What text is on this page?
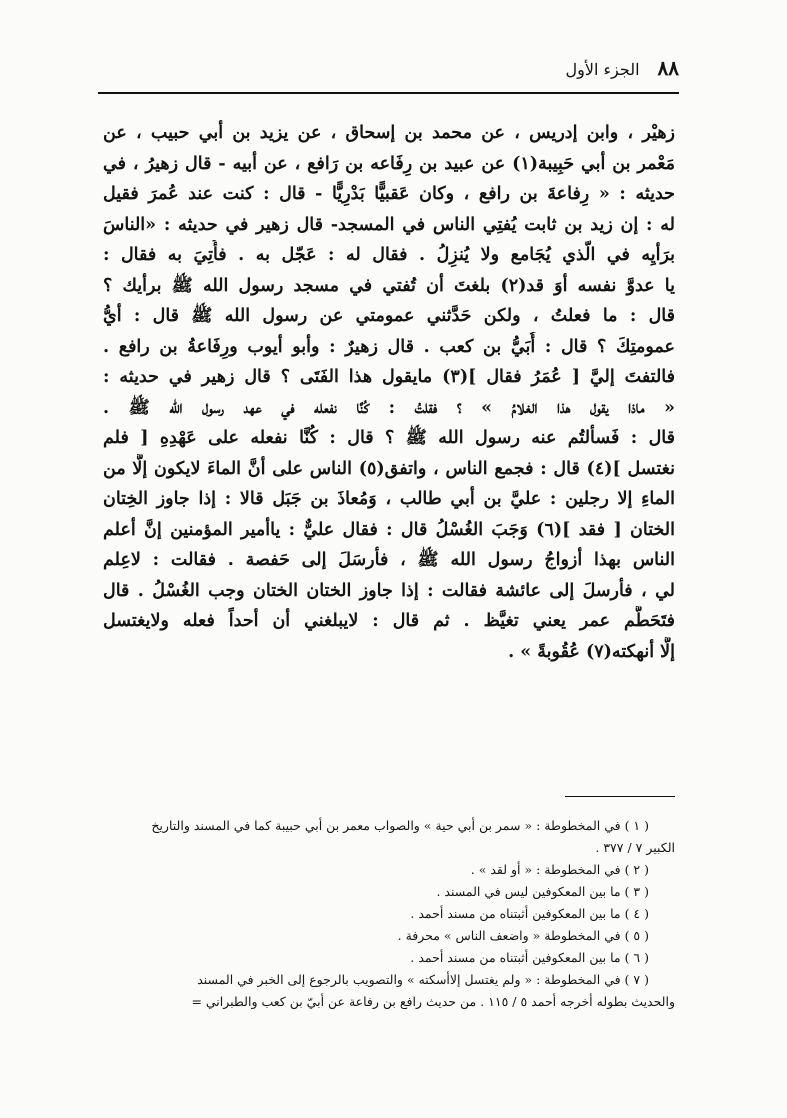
٨٨
الجزء الأول
زهيْر ، وابن إدريس ، عن محمد بن إسحاق ، عن يزيد بن أبي حبيب ، عن
مَعْمر بن أبي حَبِيبة(١) عن عبيد بن رِفَاعه بن رَافع ، عن أبيه - قال زهيرُ ، في
حديثه : « رِفاعةَ بن رافع ، وكان عَقبيًّا بَدْرِيًّا - قال : كنت عند عُمرَ فقيل
له : إن زيد بن ثابت يُفتِي الناس في المسجد- قال زهير في حديثه : «الناسَ
برَأيِه في الّذي يُجَامع ولا يُنزِلُ . فقال له : عَجّل به . فأُتِيَ به فقال :
يا عدوَّ نفسه أوَ قد(٢) بلغتَ أن تُفتي في مسجد رسول الله ﷺ برأيك ؟
قال : ما فعلتُ ، ولكن حَدَّثني عمومتي عن رسول الله ﷺ قال : أيُّ
عمومتِكَ ؟ قال : أُبَيُّ بن كعب . قال زهيرٌ : وأبو أيوب ورِفَاعةُ بن رافع .
فالتفتَ إليَّ [ عُمَرُ فقال ](٣) مايقول هذا الفَتَى ؟ قال زهير في حديثه :
« ماذا يقول هذا الغلامُ » ؟ فقلتُ : كُنَّا نفعله في عهد رسول الله ﷺ .
قال : فَسألتُم عنه رسول الله ﷺ ؟ قال : كُنَّا نفعله على عَهْدِهِ [ فلم
نغتسل ](٤) قال : فجمع الناس ، واتفق(٥) الناس على أنَّ الماءَ لايكون إلَّا من
الماءِ إلا رجلين : عليَّ بن أبي طالب ، وَمُعاذَ بن جَبَل قالا : إذا جاوز الخِتان
الختان [ فقد ](٦) وَجَبَ الغُسْلُ قال : فقال عليٌّ : ياأمير المؤمنين إنَّ أعلم
الناس بهذا أزواجُ رسول الله ﷺ ، فأرسَلَ إلى حَفصة . فقالت : لاعِلم
لي ، فأرسلَ إلى عائشة فقالت : إذا جاوز الختان الختان وجب الغُسْلُ . قال
فتَحَطَّم عمر يعني تغيَّظ . ثم قال : لايبلغني أن أحداً فعله ولايغتسل
إلَّا أنهكته(٧) عُقُوبةً » .
( ١ ) في المخطوطة : « سمر بن أبي حية » والصواب معمر بن أبي حبيبة كما في المسند والتاريخ
الكبير ٧ / ٣٧٧ .
( ٢ ) في المخطوطة : « أو لقد » .
( ٣ ) ما بين المعكوفين ليس في المسند .
( ٤ ) ما بين المعكوفين أثبتناه من مسند أحمد .
( ٥ ) في المخطوطة « واضعف الناس » محرفة .
( ٦ ) ما بين المعكوفين أثبتناه من مسند أحمد .
( ٧ ) في المخطوطة : « ولم يغتسل إلاأسكته » والتصويب بالرجوع إلى الخبر في المسند
والحديث بطوله أخرجه أحمد ٥ / ١١٥ . من حديث رافع بن رفاعة عن أبيّ بن كعب والطبراني =
